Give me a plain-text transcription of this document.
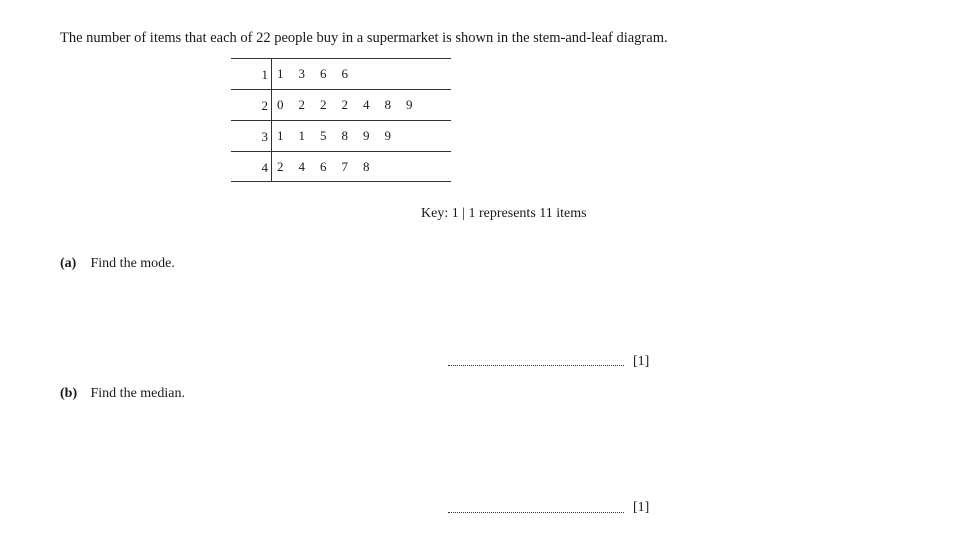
The number of items that each of 22 people buy in a supermarket is shown in the stem-and-leaf diagram.
1 1	3	6	6
2 0	2	2	2	4	8	9
3 1	1	5	8	9	9
4 2	4	6	7	8
Key: 1 | 1 represents 11 items
(a) Find the mode.
[1]
(b) Find the median.
[1]
